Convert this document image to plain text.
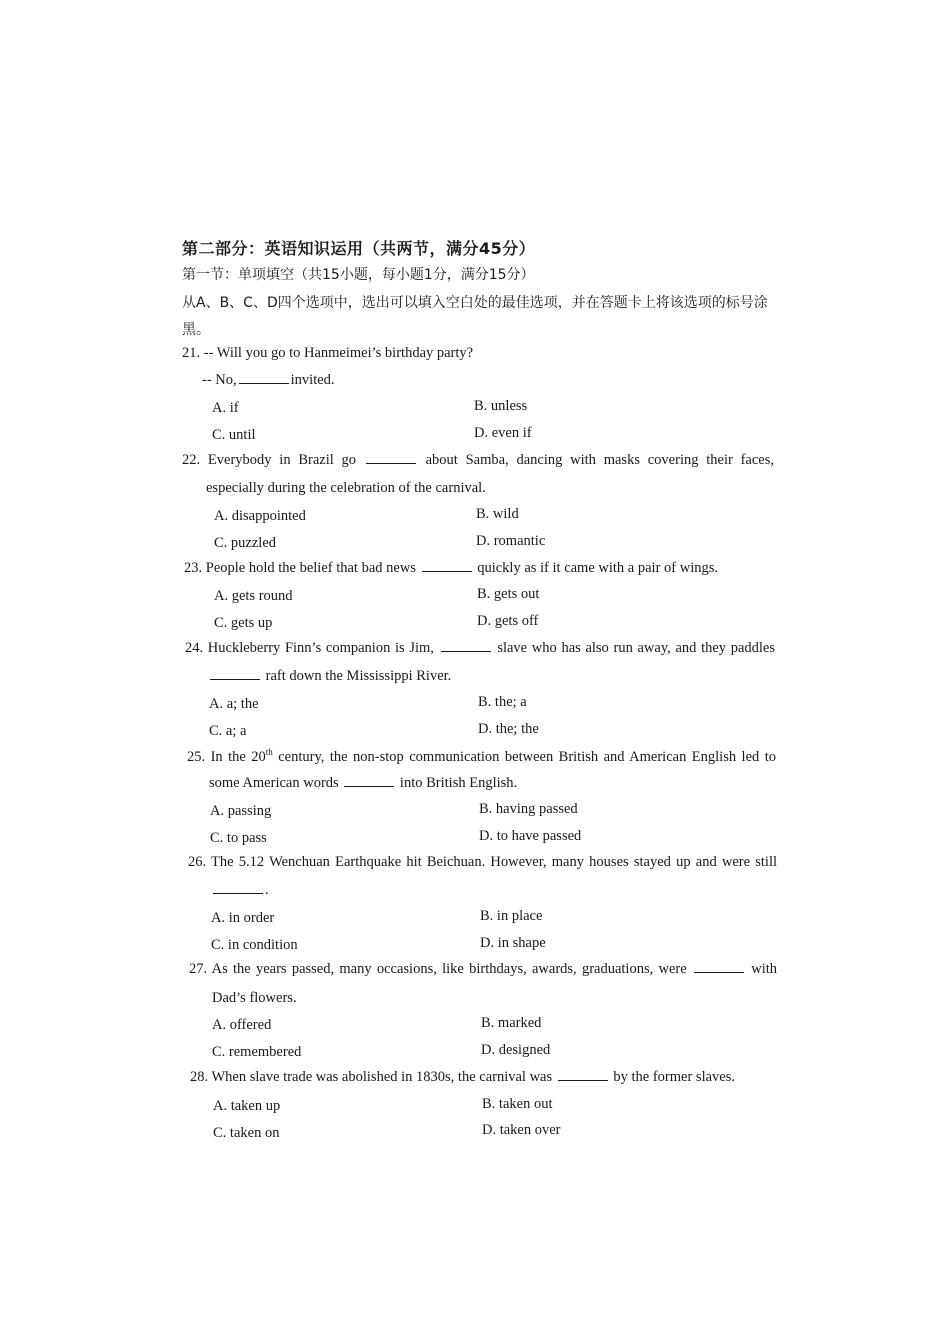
第二部分：英语知识运用（共两节，满分45分）
第一节：单项填空（共15小题，每小题1分，满分15分）
从A、B、C、D四个选项中，选出可以填入空白处的最佳选项，并在答题卡上将该选项的标号涂黑。
21. -- Will you go to Hanmeimei’s birthday party?
-- No,	invited.
A. if	B. unless
C. until	D. even if
22. Everybody in Brazil go	about Samba, dancing with masks covering their faces,
especially during the celebration of the carnival.
A. disappointed	B. wild
C. puzzled	D. romantic
23. People hold the belief that bad news	quickly as if it came with a pair of wings.
A. gets round	B. gets out
C. gets up	D. gets off
24. Huckleberry Finn’s companion is Jim,	slave who has also run away, and they paddles
raft down the Mississippi River.
A. a; the	B. the; a
C. a; a	D. the; the
25. In the 20th century, the non-stop communication between British and American English led to
some American words	into British English.
A. passing	B. having passed
C. to pass	D. to have passed
26. The 5.12 Wenchuan Earthquake hit Beichuan. However, many houses stayed up and were still
.
A. in order	B. in place
C. in condition	D. in shape
27. As the years passed, many occasions, like birthdays, awards, graduations, were	with
Dad’s flowers.
A. offered	B. marked
C. remembered	D. designed
28. When slave trade was abolished in 1830s, the carnival was	by the former slaves.
A. taken up	B. taken out
C. taken on	D. taken over
